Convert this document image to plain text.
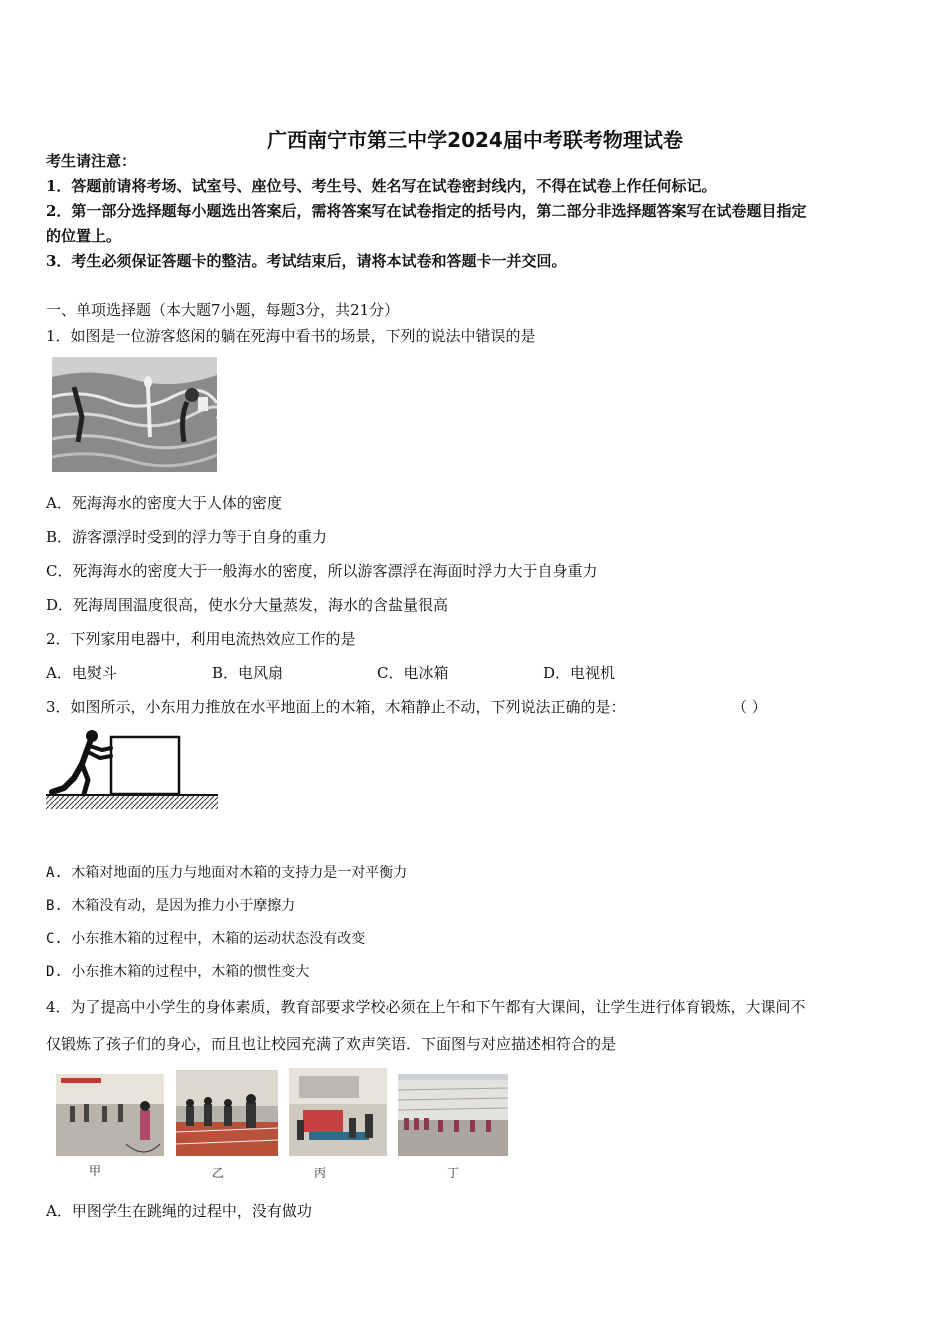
广西南宁市第三中学2024届中考联考物理试卷

考生请注意：

1．答题前请将考场、试室号、座位号、考生号、姓名写在试卷密封线内，不得在试卷上作任何标记。

2．第一部分选择题每小题选出答案后，需将答案写在试卷指定的括号内，第二部分非选择题答案写在试卷题目指定

的位置上。

3．考生必须保证答题卡的整洁。考试结束后，请将本试卷和答题卡一并交回。

一、单项选择题（本大题7小题，每题3分，共21分）

1．如图是一位游客悠闲的躺在死海中看书的场景，下列的说法中错误的是

A．死海海水的密度大于人体的密度

B．游客漂浮时受到的浮力等于自身的重力

C．死海海水的密度大于一般海水的密度，所以游客漂浮在海面时浮力大于自身重力

D．死海周围温度很高，使水分大量蒸发，海水的含盐量很高

2．下列家用电器中，利用电流热效应工作的是

A．电熨斗	B．电风扇	C．电冰箱	D．电视机

3．如图所示，小东用力推放在水平地面上的木箱，木箱静止不动，下列说法正确的是：	（ ）

A. 木箱对地面的压力与地面对木箱的支持力是一对平衡力

B. 木箱没有动，是因为推力小于摩擦力

C. 小东推木箱的过程中，木箱的运动状态没有改变

D. 小东推木箱的过程中，木箱的惯性变大

4．为了提高中小学生的身体素质，教育部要求学校必须在上午和下午都有大课间，让学生进行体育锻炼，大课间不

仅锻炼了孩子们的身心，而且也让校园充满了欢声笑语．下面图与对应描述相符合的是

甲	乙	丙	丁

A．甲图学生在跳绳的过程中，没有做功
